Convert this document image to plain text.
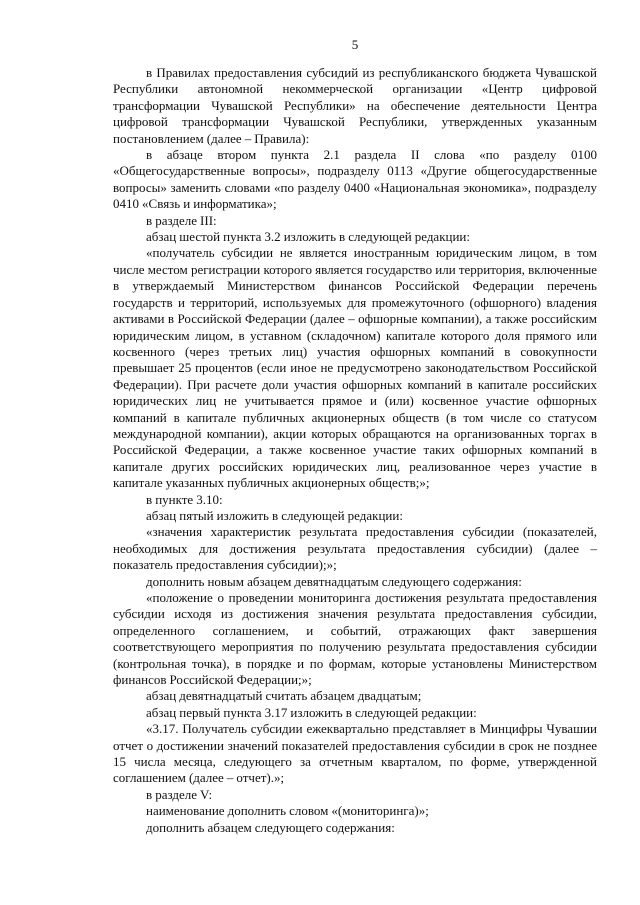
5

в Правилах предоставления субсидий из республиканского бюджета Чувашской Республики автономной некоммерческой организации «Центр цифровой трансформации Чувашской Республики» на обеспечение деятельности Центра цифровой трансформации Чувашской Республики, утвержденных указанным постановлением (далее – Правила):

в абзаце втором пункта 2.1 раздела II слова «по разделу 0100 «Общегосударственные вопросы», подразделу 0113 «Другие общегосударственные вопросы» заменить словами «по разделу 0400 «Национальная экономика», подразделу 0410 «Связь и информатика»;

в разделе III:

абзац шестой пункта 3.2 изложить в следующей редакции:

«получатель субсидии не является иностранным юридическим лицом, в том числе местом регистрации которого является государство или территория, включенные в утверждаемый Министерством финансов Российской Федерации перечень государств и территорий, используемых для промежуточного (офшорного) владения активами в Российской Федерации (далее – офшорные компании), а также российским юридическим лицом, в уставном (складочном) капитале которого доля прямого или косвенного (через третьих лиц) участия офшорных компаний в совокупности превышает 25 процентов (если иное не предусмотрено законодательством Российской Федерации). При расчете доли участия офшорных компаний в капитале российских юридических лиц не учитывается прямое и (или) косвенное участие офшорных компаний в капитале публичных акционерных обществ (в том числе со статусом международной компании), акции которых обращаются на организованных торгах в Российской Федерации, а также косвенное участие таких офшорных компаний в капитале других российских юридических лиц, реализованное через участие в капитале указанных публичных акционерных обществ;»;

в пункте 3.10:

абзац пятый изложить в следующей редакции:

«значения характеристик результата предоставления субсидии (показателей, необходимых для достижения результата предоставления субсидии) (далее – показатель предоставления субсидии);»;

дополнить новым абзацем девятнадцатым следующего содержания:

«положение о проведении мониторинга достижения результата предоставления субсидии исходя из достижения значения результата предоставления субсидии, определенного соглашением, и событий, отражающих факт завершения соответствующего мероприятия по получению результата предоставления субсидии (контрольная точка), в порядке и по формам, которые установлены Министерством финансов Российской Федерации;»;

абзац девятнадцатый считать абзацем двадцатым;

абзац первый пункта 3.17 изложить в следующей редакции:

«3.17. Получатель субсидии ежеквартально представляет в Минцифры Чувашии отчет о достижении значений показателей предоставления субсидии в срок не позднее 15 числа месяца, следующего за отчетным кварталом, по форме, утвержденной соглашением (далее – отчет).»;

в разделе V:

наименование дополнить словом «(мониторинга)»;

дополнить абзацем следующего содержания:
